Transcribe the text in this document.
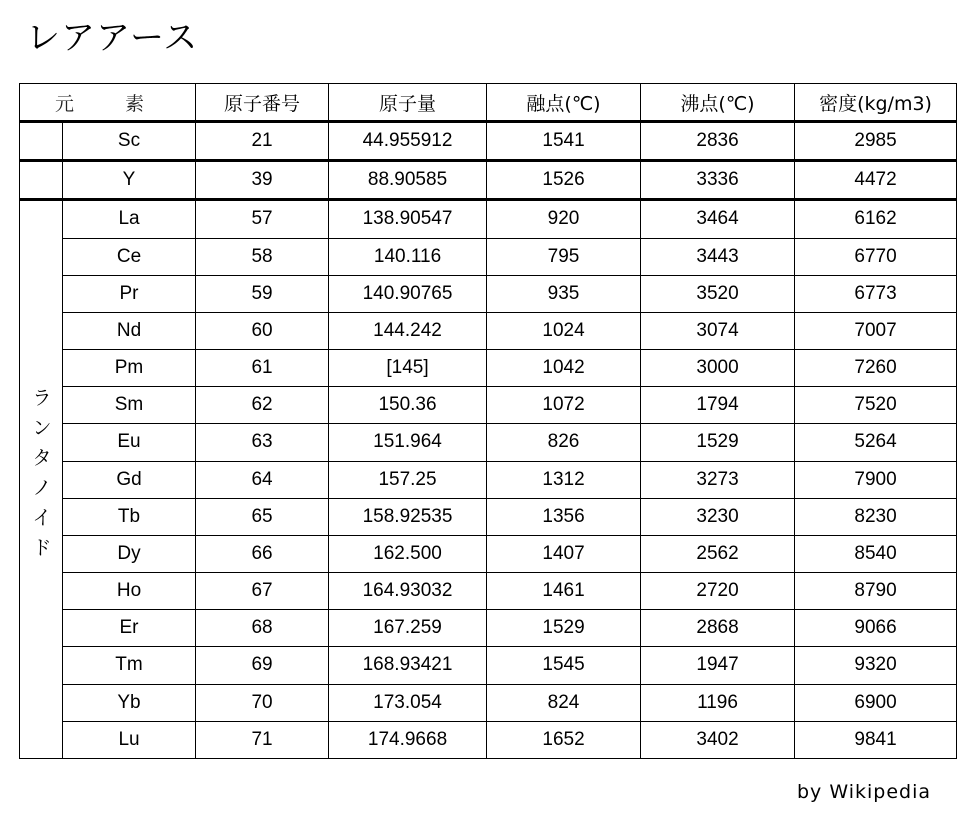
レアアース
元　素		原子番号	原子量	融点(℃)	沸点(℃)	密度(kg/m3)
	Sc	21	44.955912	1541	2836	2985
	Y	39	88.90585	1526	3336	4472
ランタノイド	La	57	138.90547	920	3464	6162
	Ce	58	140.116	795	3443	6770
	Pr	59	140.90765	935	3520	6773
	Nd	60	144.242	1024	3074	7007
	Pm	61	[145]	1042	3000	7260
	Sm	62	150.36	1072	1794	7520
	Eu	63	151.964	826	1529	5264
	Gd	64	157.25	1312	3273	7900
	Tb	65	158.92535	1356	3230	8230
	Dy	66	162.500	1407	2562	8540
	Ho	67	164.93032	1461	2720	8790
	Er	68	167.259	1529	2868	9066
	Tm	69	168.93421	1545	1947	9320
	Yb	70	173.054	824	1196	6900
	Lu	71	174.9668	1652	3402	9841
by Wikipedia
